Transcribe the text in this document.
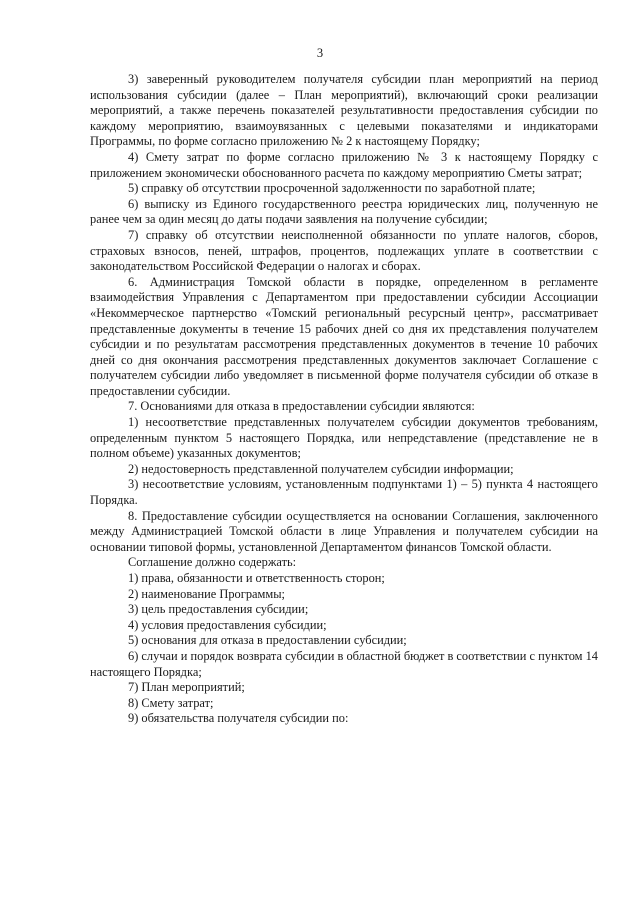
3

3) заверенный руководителем получателя субсидии план мероприятий на период использования субсидии (далее – План мероприятий), включающий сроки реализации мероприятий, а также перечень показателей результативности предоставления субсидии по каждому мероприятию, взаимоувязанных с целевыми показателями и индикаторами Программы, по форме согласно приложению № 2 к настоящему Порядку;

4) Смету затрат по форме согласно приложению № 3 к настоящему Порядку с приложением экономически обоснованного расчета по каждому мероприятию Сметы затрат;

5) справку об отсутствии просроченной задолженности по заработной плате;

6) выписку из Единого государственного реестра юридических лиц, полученную не ранее чем за один месяц до даты подачи заявления на получение субсидии;

7) справку об отсутствии неисполненной обязанности по уплате налогов, сборов, страховых взносов, пеней, штрафов, процентов, подлежащих уплате в соответствии с законодательством Российской Федерации о налогах и сборах.

6. Администрация Томской области в порядке, определенном в регламенте взаимодействия Управления с Департаментом при предоставлении субсидии Ассоциации «Некоммерческое партнерство «Томский региональный ресурсный центр», рассматривает представленные документы в течение 15 рабочих дней со дня их представления получателем субсидии и по результатам рассмотрения представленных документов в течение 10 рабочих дней со дня окончания рассмотрения представленных документов заключает Соглашение с получателем субсидии либо уведомляет в письменной форме получателя субсидии об отказе в предоставлении субсидии.

7. Основаниями для отказа в предоставлении субсидии являются:

1) несоответствие представленных получателем субсидии документов требованиям, определенным пунктом 5 настоящего Порядка, или непредставление (представление не в полном объеме) указанных документов;

2) недостоверность представленной получателем субсидии информации;

3) несоответствие условиям, установленным подпунктами 1) – 5) пункта 4 настоящего Порядка.

8. Предоставление субсидии осуществляется на основании Соглашения, заключенного между Администрацией Томской области в лице Управления и получателем субсидии на основании типовой формы, установленной Департаментом финансов Томской области.

Соглашение должно содержать:

1) права, обязанности и ответственность сторон;

2) наименование Программы;

3) цель предоставления субсидии;

4) условия предоставления субсидии;

5) основания для отказа в предоставлении субсидии;

6) случаи и порядок возврата субсидии в областной бюджет в соответствии с пунктом 14 настоящего Порядка;

7) План мероприятий;

8) Смету затрат;

9) обязательства получателя субсидии по:
